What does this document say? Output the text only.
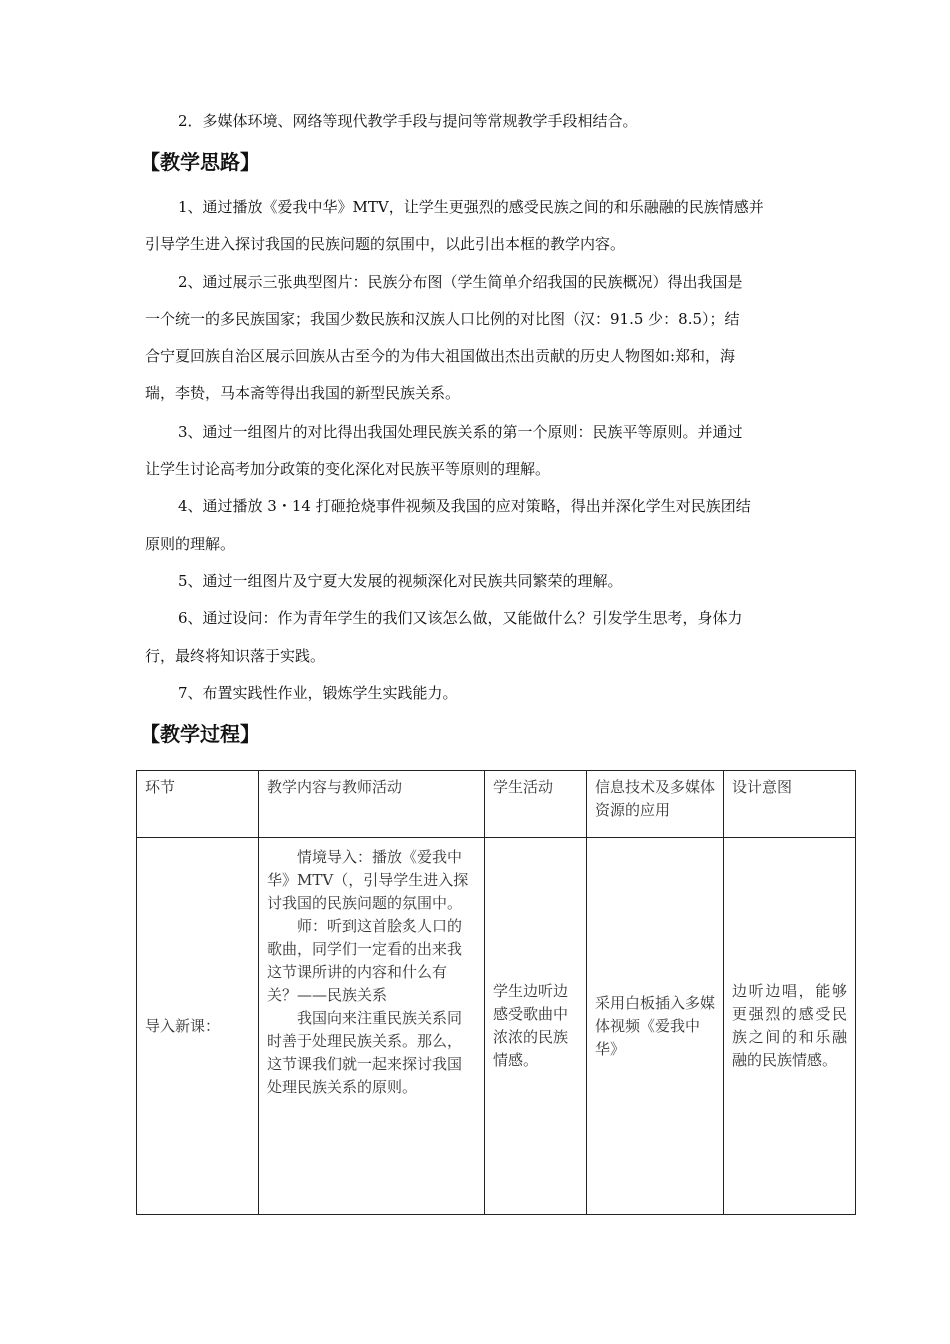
2．多媒体环境、网络等现代教学手段与提问等常规教学手段相结合。
【教学思路】
1、通过播放《爱我中华》MTV，让学生更强烈的感受民族之间的和乐融融的民族情感并
引导学生进入探讨我国的民族问题的氛围中，以此引出本框的教学内容。
2、通过展示三张典型图片：民族分布图（学生简单介绍我国的民族概况）得出我国是
一个统一的多民族国家；我国少数民族和汉族人口比例的对比图（汉：91.5 少：8.5）；结
合宁夏回族自治区展示回族从古至今的为伟大祖国做出杰出贡献的历史人物图如:郑和，海
瑞，李贽，马本斋等得出我国的新型民族关系。
3、通过一组图片的对比得出我国处理民族关系的第一个原则：民族平等原则。并通过
让学生讨论高考加分政策的变化深化对民族平等原则的理解。
4、通过播放 3・14 打砸抢烧事件视频及我国的应对策略，得出并深化学生对民族团结
原则的理解。
5、通过一组图片及宁夏大发展的视频深化对民族共同繁荣的理解。
6、通过设问：作为青年学生的我们又该怎么做，又能做什么？引发学生思考，身体力
行，最终将知识落于实践。
7、布置实践性作业，锻炼学生实践能力。
【教学过程】
环节	教学内容与教师活动	学生活动	信息技术及多媒体资源的应用	设计意图
导入新课：	情境导入：播放《爱我中华》MTV（，引导学生进入探讨我国的民族问题的氛围中。
师：听到这首脍炙人口的歌曲，同学们一定看的出来我这节课所讲的内容和什么有关？——民族关系
我国向来注重民族关系同时善于处理民族关系。那么，这节课我们就一起来探讨我国处理民族关系的原则。	学生边听边感受歌曲中浓浓的民族情感。	采用白板插入多媒体视频《爱我中华》	边听边唱，能够更强烈的感受民族之间的和乐融融的民族情感。
